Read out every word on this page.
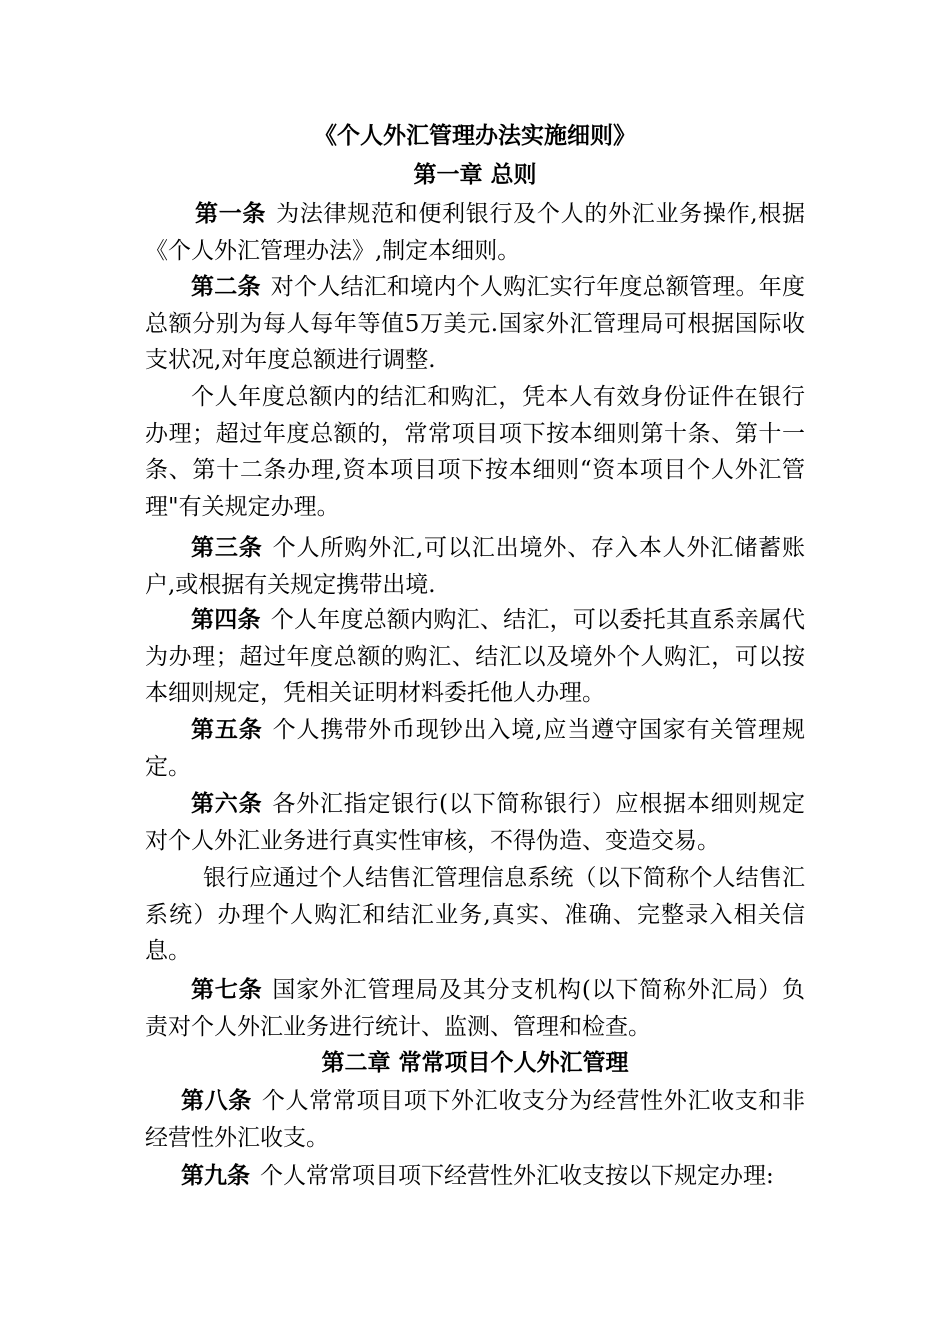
《个人外汇管理办法实施细则》
第一章 总则
第一条 为法律规范和便利银行及个人的外汇业务操作,根据《个人外汇管理办法》,制定本细则。
第二条 对个人结汇和境内个人购汇实行年度总额管理。年度总额分别为每人每年等值5万美元.国家外汇管理局可根据国际收支状况,对年度总额进行调整.
个人年度总额内的结汇和购汇，凭本人有效身份证件在银行办理；超过年度总额的，常常项目项下按本细则第十条、第十一条、第十二条办理,资本项目项下按本细则“资本项目个人外汇管理"有关规定办理。
第三条 个人所购外汇,可以汇出境外、存入本人外汇储蓄账户,或根据有关规定携带出境.
第四条 个人年度总额内购汇、结汇，可以委托其直系亲属代为办理；超过年度总额的购汇、结汇以及境外个人购汇，可以按本细则规定，凭相关证明材料委托他人办理。
第五条 个人携带外币现钞出入境,应当遵守国家有关管理规定。
第六条 各外汇指定银行(以下简称银行）应根据本细则规定对个人外汇业务进行真实性审核，不得伪造、变造交易。
银行应通过个人结售汇管理信息系统（以下简称个人结售汇系统）办理个人购汇和结汇业务,真实、准确、完整录入相关信息。
第七条 国家外汇管理局及其分支机构(以下简称外汇局）负责对个人外汇业务进行统计、监测、管理和检查。
第二章 常常项目个人外汇管理
第八条 个人常常项目项下外汇收支分为经营性外汇收支和非经营性外汇收支。
第九条 个人常常项目项下经营性外汇收支按以下规定办理:
